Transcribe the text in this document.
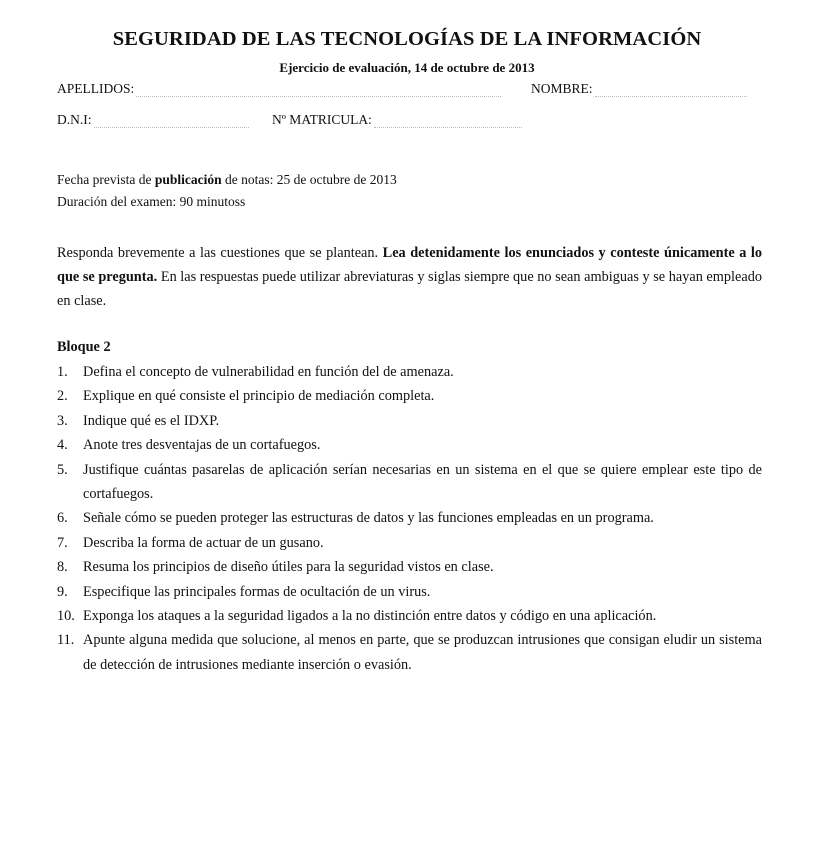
SEGURIDAD DE LAS TECNOLOGÍAS DE LA INFORMACIÓN
Ejercicio de evaluación, 14 de octubre de 2013
APELLIDOS:	NOMBRE:
D.N.I:	Nº MATRICULA:
Fecha prevista de publicación de notas: 25 de octubre de 2013
Duración del examen: 90 minutoss
Responda brevemente a las cuestiones que se plantean. Lea detenidamente los enunciados y conteste únicamente a lo que se pregunta. En las respuestas puede utilizar abreviaturas y siglas siempre que no sean ambiguas y se hayan empleado en clase.
Bloque 2
1.	Defina el concepto de vulnerabilidad en función del de amenaza.
2.	Explique en qué consiste el principio de mediación completa.
3.	Indique qué es el IDXP.
4.	Anote tres desventajas de un cortafuegos.
5.	Justifique cuántas pasarelas de aplicación serían necesarias en un sistema en el que se quiere emplear este tipo de cortafuegos.
6.	Señale cómo se pueden proteger las estructuras de datos y las funciones empleadas en un programa.
7.	Describa la forma de actuar de un gusano.
8.	Resuma los principios de diseño útiles para la seguridad vistos en clase.
9.	Especifique las principales formas de ocultación de un virus.
10. Exponga los ataques a la seguridad ligados a la no distinción entre datos y código en una aplicación.
11. Apunte alguna medida que solucione, al menos en parte, que se produzcan intrusiones que consigan eludir un sistema de detección de intrusiones mediante inserción o evasión.
